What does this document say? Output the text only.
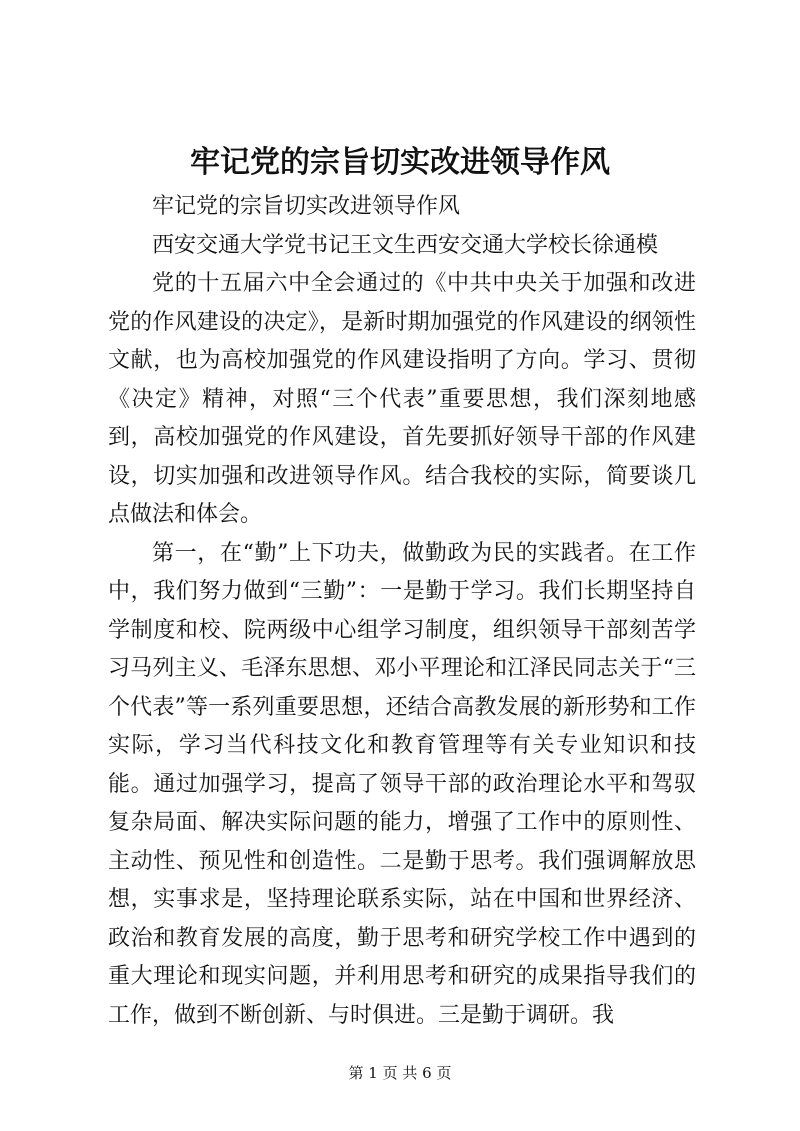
牢记党的宗旨切实改进领导作风

牢记党的宗旨切实改进领导作风

西安交通大学党书记王文生西安交通大学校长徐通模

党的十五届六中全会通过的《中共中央关于加强和改进党的作风建设的决定》，是新时期加强党的作风建设的纲领性文献，也为高校加强党的作风建设指明了方向。学习、贯彻《决定》精神，对照“三个代表”重要思想，我们深刻地感到，高校加强党的作风建设，首先要抓好领导干部的作风建设，切实加强和改进领导作风。结合我校的实际，简要谈几点做法和体会。

第一，在“勤”上下功夫，做勤政为民的实践者。在工作中，我们努力做到“三勤”：一是勤于学习。我们长期坚持自学制度和校、院两级中心组学习制度，组织领导干部刻苦学习马列主义、毛泽东思想、邓小平理论和江泽民同志关于“三个代表”等一系列重要思想，还结合高教发展的新形势和工作实际，学习当代科技文化和教育管理等有关专业知识和技能。通过加强学习，提高了领导干部的政治理论水平和驾驭复杂局面、解决实际问题的能力，增强了工作中的原则性、主动性、预见性和创造性。二是勤于思考。我们强调解放思想，实事求是，坚持理论联系实际，站在中国和世界经济、政治和教育发展的高度，勤于思考和研究学校工作中遇到的重大理论和现实问题，并利用思考和研究的成果指导我们的工作，做到不断创新、与时俱进。三是勤于调研。我

第 1 页 共 6 页
